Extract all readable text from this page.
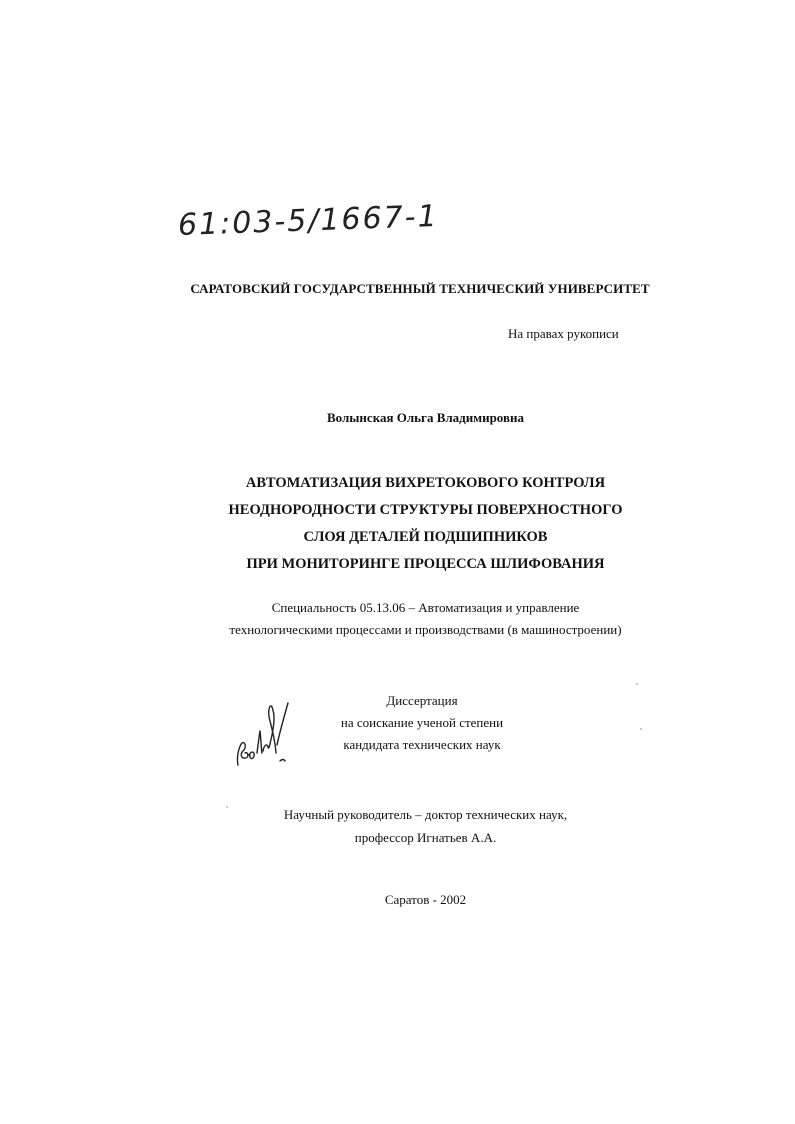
61:03-5/1667-1
САРАТОВСКИЙ ГОСУДАРСТВЕННЫЙ ТЕХНИЧЕСКИЙ УНИВЕРСИТЕТ
На правах рукописи
Волынская Ольга Владимировна
АВТОМАТИЗАЦИЯ ВИХРЕТОКОВОГО КОНТРОЛЯ
НЕОДНОРОДНОСТИ СТРУКТУРЫ ПОВЕРХНОСТНОГО
СЛОЯ ДЕТАЛЕЙ ПОДШИПНИКОВ
ПРИ МОНИТОРИНГЕ ПРОЦЕССА ШЛИФОВАНИЯ
Специальность 05.13.06 – Автоматизация и управление
технологическими процессами и производствами (в машиностроении)
Диссертация
на соискание ученой степени
кандидата технических наук
Научный руководитель – доктор технических наук,
профессор Игнатьев А.А.
Саратов - 2002
